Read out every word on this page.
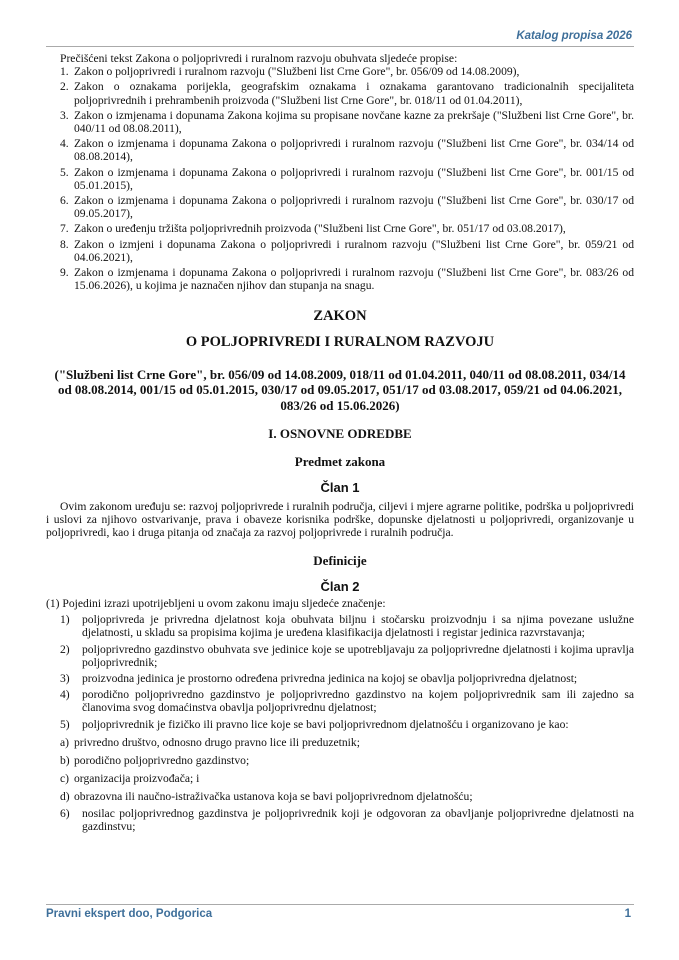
Katalog propisa 2026

Prečišćeni tekst Zakona o poljoprivredi i ruralnom razvoju obuhvata sljedeće propise:

1. Zakon o poljoprivredi i ruralnom razvoju ("Službeni list Crne Gore", br. 056/09 od 14.08.2009),
2. Zakon o oznakama porijekla, geografskim oznakama i oznakama garantovano tradicionalnih specijaliteta poljoprivrednih i prehrambenih proizvoda ("Službeni list Crne Gore", br. 018/11 od 01.04.2011),
3. Zakon o izmjenama i dopunama Zakona kojima su propisane novčane kazne za prekršaje ("Službeni list Crne Gore", br. 040/11 od 08.08.2011),
4. Zakon o izmjenama i dopunama Zakona o poljoprivredi i ruralnom razvoju ("Službeni list Crne Gore", br. 034/14 od 08.08.2014),
5. Zakon o izmjenama i dopunama Zakona o poljoprivredi i ruralnom razvoju ("Službeni list Crne Gore", br. 001/15 od 05.01.2015),
6. Zakon o izmjenama i dopunama Zakona o poljoprivredi i ruralnom razvoju ("Službeni list Crne Gore", br. 030/17 od 09.05.2017),
7. Zakon o uređenju tržišta poljoprivrednih proizvoda ("Službeni list Crne Gore", br. 051/17 od 03.08.2017),
8. Zakon o izmjeni i dopunama Zakona o poljoprivredi i ruralnom razvoju ("Službeni list Crne Gore", br. 059/21 od 04.06.2021),
9. Zakon o izmjenama i dopunama Zakona o poljoprivredi i ruralnom razvoju ("Službeni list Crne Gore", br. 083/26 od 15.06.2026), u kojima je naznačen njihov dan stupanja na snagu.
ZAKON
O POLJOPRIVREDI I RURALNOM RAZVOJU
("Službeni list Crne Gore", br. 056/09 od 14.08.2009, 018/11 od 01.04.2011, 040/11 od 08.08.2011, 034/14 od 08.08.2014, 001/15 od 05.01.2015, 030/17 od 09.05.2017, 051/17 od 03.08.2017, 059/21 od 04.06.2021, 083/26 od 15.06.2026)
I. OSNOVNE ODREDBE
Predmet zakona
Član 1

Ovim zakonom uređuju se: razvoj poljoprivrede i ruralnih područja, ciljevi i mjere agrarne politike, podrška u poljoprivredi i uslovi za njihovo ostvarivanje, prava i obaveze korisnika podrške, dopunske djelatnosti u poljoprivredi, organizovanje u poljoprivredi, kao i druga pitanja od značaja za razvoj poljoprivrede i ruralnih područja.

Definicije
Član 2

(1) Pojedini izrazi upotrijebljeni u ovom zakonu imaju sljedeće značenje:

1)	poljoprivreda je privredna djelatnost koja obuhvata biljnu i stočarsku proizvodnju i sa njima povezane uslužne djelatnosti, u skladu sa propisima kojima je uređena klasifikacija djelatnosti i registar jedinica razvrstavanja;
2)	poljoprivredno gazdinstvo obuhvata sve jedinice koje se upotrebljavaju za poljoprivredne djelatnosti i kojima upravlja poljoprivrednik;
3)	proizvodna jedinica je prostorno određena privredna jedinica na kojoj se obavlja poljoprivredna djelatnost;
4)	porodično poljoprivredno gazdinstvo je poljoprivredno gazdinstvo na kojem poljoprivrednik sam ili zajedno sa članovima svog domaćinstva obavlja poljoprivrednu djelatnost;
5)	poljoprivrednik je fizičko ili pravno lice koje se bavi poljoprivrednom djelatnošću i organizovano je kao:
a) privredno društvo, odnosno drugo pravno lice ili preduzetnik;
b) porodično poljoprivredno gazdinstvo;
c) organizacija proizvođača; i
d) obrazovna ili naučno-istraživačka ustanova koja se bavi poljoprivrednom djelatnošću;
6)	nosilac poljoprivrednog gazdinstva je poljoprivrednik koji je odgovoran za obavljanje poljoprivredne djelatnosti na gazdinstvu;
Pravni ekspert doo, Podgorica	1
